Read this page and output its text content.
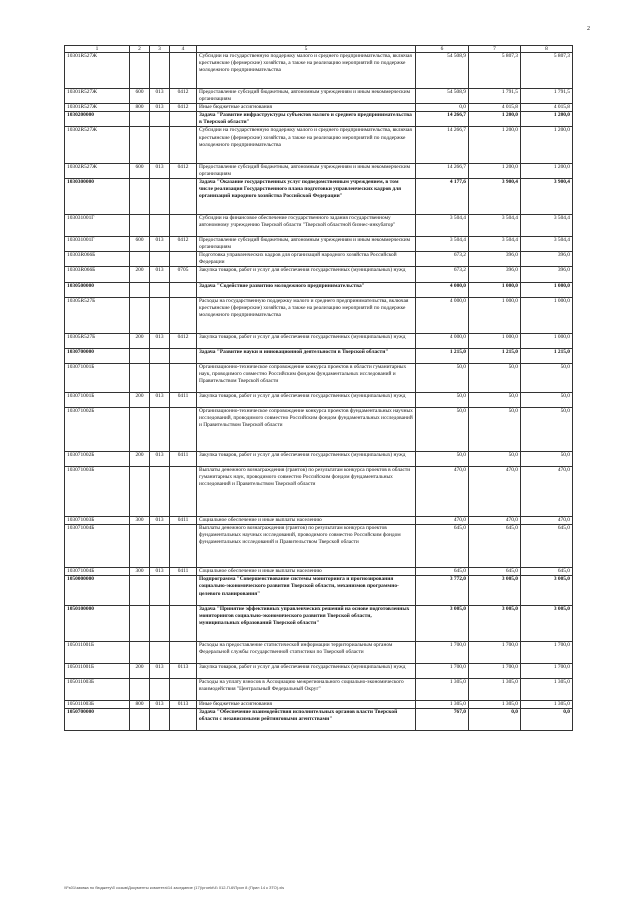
2
1	2	3	4	5	6	7	8
10301R527Ж				Субсидии на государственную поддержку малого и среднего предпринимательства, включая крестьянские (фермерские) хозяйства, а также на реализацию мероприятий по поддержке молодежного предпринимательства	54 508,9	5 807,3	5 807,3
10301R527Ж	600	013	0412	Предоставление субсидий бюджетным, автономным учреждениям и иным некоммерческим организациям	54 508,9	1 791,5	1 791,5
10301R527Ж	800	013	0412	Иные бюджетные ассигнования	0,0	4 015,8	4 015,8
1030200000				Задача "Развитие инфраструктуры субъектов малого и среднего предпринимательства в Тверской области"	14 266,7	1 200,0	1 200,0
10302R527Ж				Субсидии на государственную поддержку малого и среднего предпринимательства, включая крестьянские (фермерские) хозяйства, а также на реализацию мероприятий по поддержке молодежного предпринимательства	14 266,7	1 200,0	1 200,0
10302R527Ж	600	013	0412	Предоставление субсидий бюджетным, автономным учреждениям и иным некоммерческим организациям	14 266,7	1 200,0	1 200,0
1030300000				Задача "Оказание государственных услуг подведомственным учреждением, в том числе реализация Государственного плана подготовки управленческих кадров для организаций народного хозяйства Российской Федерации"	4 177,6	3 900,4	3 900,4
103031001Г				Субсидии на финансовое обеспечение государственного задания государственному автономному учреждению Тверской области "Тверской областной бизнес-инкубатор"	3 504,4	3 504,4	3 504,4
103031001Г	600	013	0412	Предоставление субсидий бюджетным, автономным учреждениям и иным некоммерческим организациям	3 504,4	3 504,4	3 504,4
10303R066Б				Подготовка управленческих кадров для организаций народного хозяйства Российской Федерации	673,2	396,0	396,0
10303R066Б	200	013	0705	Закупка товаров, работ и услуг для обеспечения государственных (муниципальных) нужд	673,2	396,0	396,0
1030500000				Задача "Содействие развитию молодежного предпринимательства"	4 000,0	1 000,0	1 000,0
10305R527Б				Расходы на государственную поддержку малого и среднего предпринимательства, включая крестьянские (фермерские) хозяйства, а также на реализацию мероприятий по поддержке молодежного предпринимательства	4 000,0	1 000,0	1 000,0
10305R527Б	200	013	0412	Закупка товаров, работ и услуг для обеспечения государственных (муниципальных) нужд	4 000,0	1 000,0	1 000,0
1030700000				Задача "Развитие науки и инновационной деятельности в Тверской области"	1 215,0	1 215,0	1 215,0
103071001Б				Организационно-техническое сопровождение конкурса проектов в области гуманитарных наук, проводимого совместно Российским фондом фундаментальных исследований и Правительством Тверской области	50,0	50,0	50,0
103071001Б	200	013	0411	Закупка товаров, работ и услуг для обеспечения государственных (муниципальных) нужд	50,0	50,0	50,0
103071002Б				Организационно-техническое сопровождение конкурса проектов фундаментальных научных исследований, проводимого совместно Российским фондом фундаментальных исследований и Правительством Тверской области	50,0	50,0	50,0
103071002Б	200	013	0411	Закупка товаров, работ и услуг для обеспечения государственных (муниципальных) нужд	50,0	50,0	50,0
103071003Б				Выплаты денежного вознаграждения (грантов) по результатам конкурса проектов в области гуманитарных наук, проводимого совместно Российским фондом фундаментальных исследований и Правительством Тверской области	470,0	470,0	470,0
103071003Б	300	013	0411	Социальное обеспечение и иные выплаты населению	470,0	470,0	470,0
103071004Б				Выплаты денежного вознаграждения (грантов) по результатам конкурса проектов фундаментальных научных исследований, проводимого совместно Российским фондом фундаментальных исследований и Правительством Тверской области	645,0	645,0	645,0
103071004Б	300	013	0411	Социальное обеспечение и иные выплаты населению	645,0	645,0	645,0
1050000000				Подпрограмма "Совершенствование системы мониторинга и прогнозирования социально-экономического развития Тверской области, механизмов программно-целевого планирования"	3 772,0	3 005,0	3 005,0
1050100000				Задача "Принятие эффективных управленческих решений на основе подготовленных мониторингов социально-экономического развития Тверской области, муниципальных образований Тверской области"	3 005,0	3 005,0	3 005,0
105011001Б				Расходы на предоставление статистической информации территориальным органом Федеральной службы государственной статистики по Тверской области	1 700,0	1 700,0	1 700,0
105011001Б	200	013	0113	Закупка товаров, работ и услуг для обеспечения государственных (муниципальных) нужд	1 700,0	1 700,0	1 700,0
105011003Б				Расходы на уплату взносов в Ассоциацию межрегионального социально-экономического взаимодействия "Центральный Федеральный Округ"	1 305,0	1 305,0	1 305,0
105011003Б	800	013	0113	Иные бюджетные ассигнования	1 305,0	1 305,0	1 305,0
1050700000				Задача "Обеспечение взаимодействия исполнительных органов власти Тверской области с независимыми рейтинговыми агентствами"	767,0	0,0	0,0
\\Fs01\заявка по бюджету\б созыв\Документы комитета\14 заседание (17)\proekt\4\ 012-П-6\Прил 8 (Прил 14 к ЗТО).xls
